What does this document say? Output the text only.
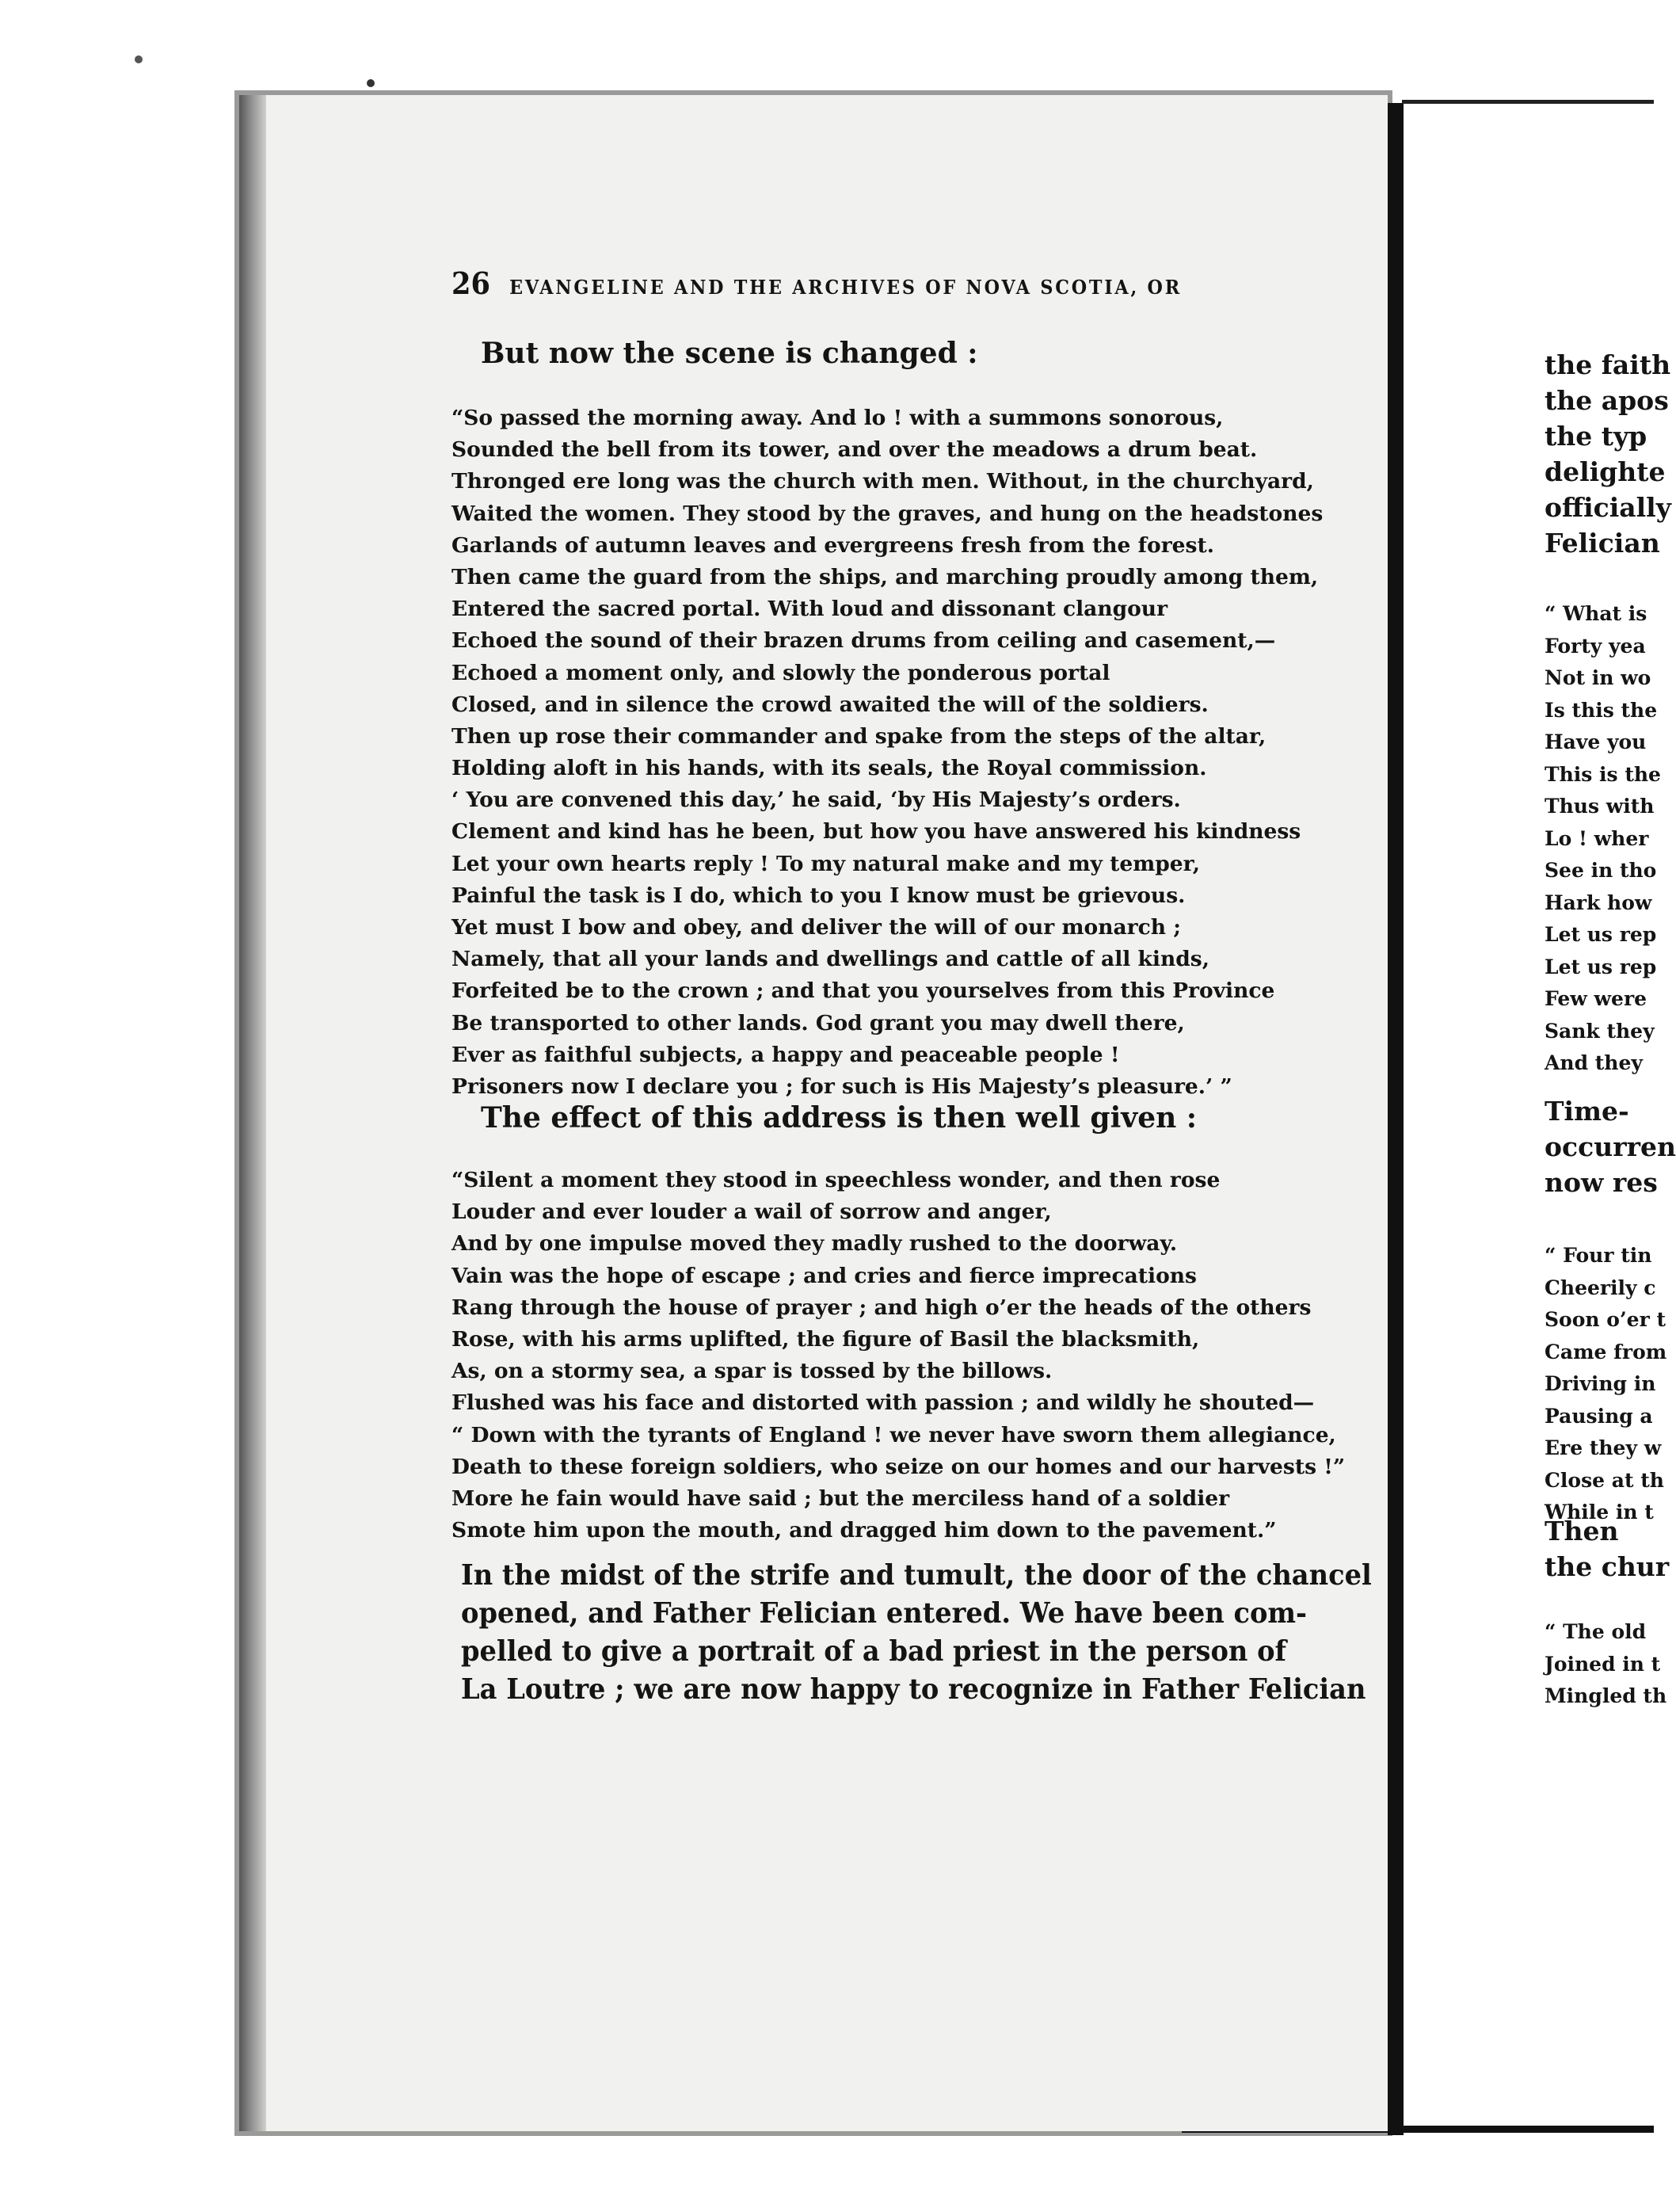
26 EVANGELINE AND THE ARCHIVES OF NOVA SCOTIA, OR
But now the scene is changed :
“So passed the morning away. And lo ! with a summons sonorous,
Sounded the bell from its tower, and over the meadows a drum beat.
Thronged ere long was the church with men. Without, in the churchyard,
Waited the women. They stood by the graves, and hung on the headstones
Garlands of autumn leaves and evergreens fresh from the forest.
Then came the guard from the ships, and marching proudly among them,
Entered the sacred portal. With loud and dissonant clangour
Echoed the sound of their brazen drums from ceiling and casement,—
Echoed a moment only, and slowly the ponderous portal
Closed, and in silence the crowd awaited the will of the soldiers.
Then up rose their commander and spake from the steps of the altar,
Holding aloft in his hands, with its seals, the Royal commission.
‘ You are convened this day,’ he said, ‘by His Majesty’s orders.
Clement and kind has he been, but how you have answered his kindness
Let your own hearts reply ! To my natural make and my temper,
Painful the task is I do, which to you I know must be grievous.
Yet must I bow and obey, and deliver the will of our monarch ;
Namely, that all your lands and dwellings and cattle of all kinds,
Forfeited be to the crown ; and that you yourselves from this Province
Be transported to other lands. God grant you may dwell there,
Ever as faithful subjects, a happy and peaceable people !
Prisoners now I declare you ; for such is His Majesty’s pleasure.’ ”
The effect of this address is then well given :
“Silent a moment they stood in speechless wonder, and then rose
Louder and ever louder a wail of sorrow and anger,
And by one impulse moved they madly rushed to the doorway.
Vain was the hope of escape ; and cries and fierce imprecations
Rang through the house of prayer ; and high o’er the heads of the others
Rose, with his arms uplifted, the figure of Basil the blacksmith,
As, on a stormy sea, a spar is tossed by the billows.
Flushed was his face and distorted with passion ; and wildly he shouted—
“ Down with the tyrants of England ! we never have sworn them allegiance,
Death to these foreign soldiers, who seize on our homes and our harvests !”
More he fain would have said ; but the merciless hand of a soldier
Smote him upon the mouth, and dragged him down to the pavement.”
In the midst of the strife and tumult, the door of the chancel
opened, and Father Felician entered. We have been com-
pelled to give a portrait of a bad priest in the person of
La Loutre ; we are now happy to recognize in Father Felician
the faith
the apos
the typ
delighte
officially
Felician
“ What is
Forty yea
Not in wo
Is this the
Have you
This is the
Thus with
Lo ! wher
See in tho
Hark how
Let us rep
Let us rep
Few were
Sank they
And they
Time-
occurren
now res
“ Four tin
Cheerily c
Soon o’er t
Came from
Driving in
Pausing a
Ere they w
Close at th
While in t
Then
the chur
“ The old
Joined in t
Mingled th
